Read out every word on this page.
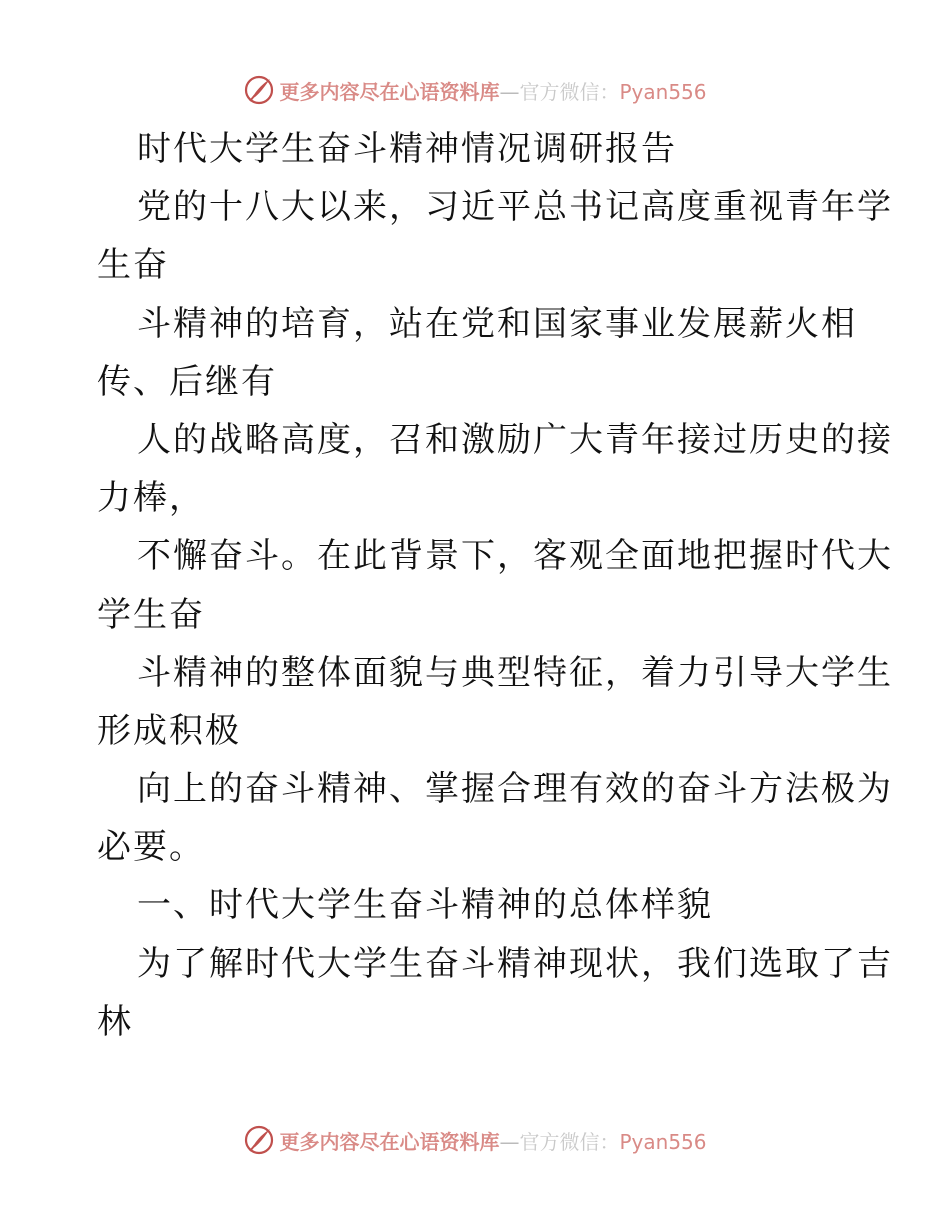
更多内容尽在心语资料库—官方微信：Pyan556
时代大学生奋斗精神情况调研报告
党的十八大以来，习近平总书记高度重视青年学
生奋
斗精神的培育，站在党和国家事业发展薪火相
传、后继有
人的战略高度，召和激励广大青年接过历史的接
力棒，
不懈奋斗。在此背景下，客观全面地把握时代大
学生奋
斗精神的整体面貌与典型特征，着力引导大学生
形成积极
向上的奋斗精神、掌握合理有效的奋斗方法极为
必要。
一、时代大学生奋斗精神的总体样貌
为了解时代大学生奋斗精神现状，我们选取了吉
林
更多内容尽在心语资料库—官方微信：Pyan556
